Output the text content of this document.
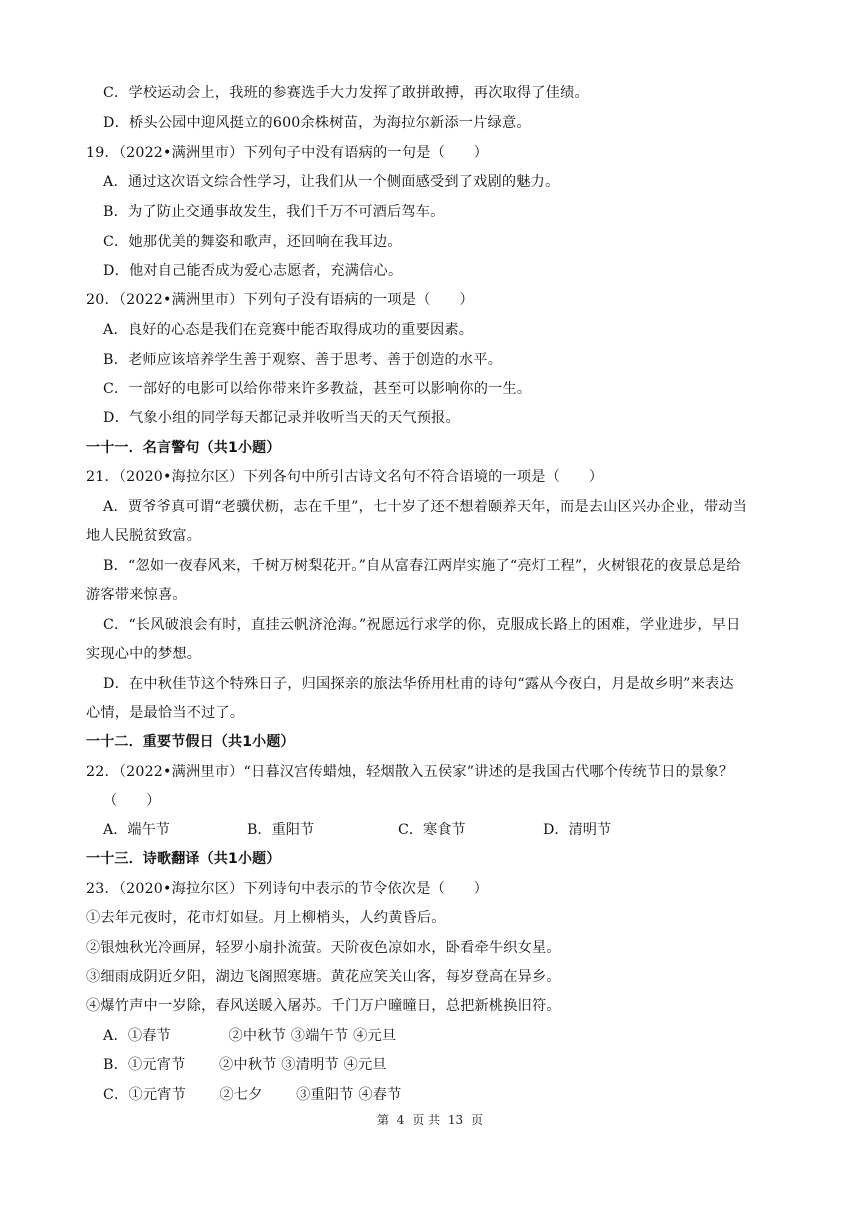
C．学校运动会上，我班的参赛选手大力发挥了敢拼敢搏，再次取得了佳绩。
D．桥头公园中迎风挺立的600余株树苗，为海拉尔新添一片绿意。
19．（2022•满洲里市）下列句子中没有语病的一句是（　　）
A．通过这次语文综合性学习，让我们从一个侧面感受到了戏剧的魅力。
B．为了防止交通事故发生，我们千万不可酒后驾车。
C．她那优美的舞姿和歌声，还回响在我耳边。
D．他对自己能否成为爱心志愿者，充满信心。
20．（2022•满洲里市）下列句子没有语病的一项是（　　）
A．良好的心态是我们在竞赛中能否取得成功的重要因素。
B．老师应该培养学生善于观察、善于思考、善于创造的水平。
C．一部好的电影可以给你带来许多教益，甚至可以影响你的一生。
D．气象小组的同学每天都记录并收听当天的天气预报。
一十一．名言警句（共1小题）
21．（2020•海拉尔区）下列各句中所引古诗文名句不符合语境的一项是（　　）
A．贾爷爷真可谓“老骥伏枥，志在千里”，七十岁了还不想着颐养天年，而是去山区兴办企业，带动当
地人民脱贫致富。
B．“忽如一夜春风来，千树万树梨花开。”自从富春江两岸实施了“亮灯工程”，火树银花的夜景总是给
游客带来惊喜。
C．“长风破浪会有时，直挂云帆济沧海。”祝愿远行求学的你，克服成长路上的困难，学业进步，早日
实现心中的梦想。
D．在中秋佳节这个特殊日子，归国探亲的旅法华侨用杜甫的诗句“露从今夜白，月是故乡明”来表达
心情，是最恰当不过了。
一十二．重要节假日（共1小题）
22．（2022•满洲里市）“日暮汉宫传蜡烛，轻烟散入五侯家”讲述的是我国古代哪个传统节日的景象？
（　　）
A．端午节	B．重阳节	C．寒食节	D．清明节
一十三．诗歌翻译（共1小题）
23．（2020•海拉尔区）下列诗句中表示的节令依次是（　　）
①去年元夜时，花市灯如昼。月上柳梢头，人约黄昏后。
②银烛秋光冷画屏，轻罗小扇扑流萤。天阶夜色凉如水，卧看牵牛织女星。
③细雨成阴近夕阳，湖边飞阁照寒塘。黄花应笑关山客，每岁登高在异乡。
④爆竹声中一岁除，春风送暖入屠苏。千门万户曈曈日，总把新桃换旧符。
A．①春节　　　　②中秋节 ③端午节 ④元旦
B．①元宵节　　 ②中秋节 ③清明节 ④元旦
C．①元宵节　　 ②七夕　　 ③重阳节 ④春节
第 4 页 共 13 页
